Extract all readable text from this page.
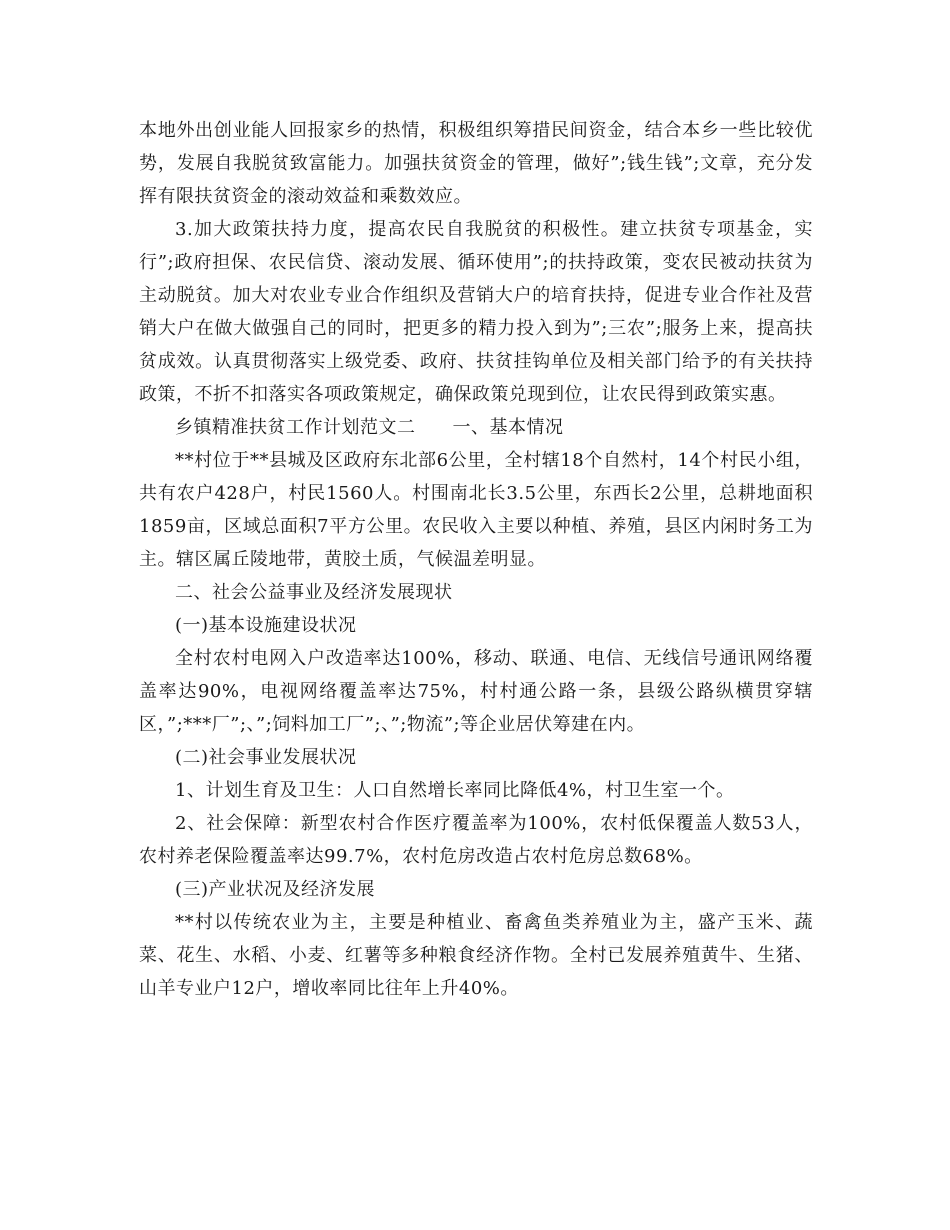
本地外出创业能人回报家乡的热情，积极组织筹措民间资金，结合本乡一些比较优势，发展自我脱贫致富能力。加强扶贫资金的管理，做好”;钱生钱”;文章，充分发挥有限扶贫资金的滚动效益和乘数效应。

3.加大政策扶持力度，提高农民自我脱贫的积极性。建立扶贫专项基金，实行”;政府担保、农民信贷、滚动发展、循环使用”;的扶持政策，变农民被动扶贫为主动脱贫。加大对农业专业合作组织及营销大户的培育扶持，促进专业合作社及营销大户在做大做强自己的同时，把更多的精力投入到为”;三农”;服务上来，提高扶贫成效。认真贯彻落实上级党委、政府、扶贫挂钩单位及相关部门给予的有关扶持政策，不折不扣落实各项政策规定，确保政策兑现到位，让农民得到政策实惠。

乡镇精准扶贫工作计划范文二　　一、基本情况

**村位于**县城及区政府东北部6公里，全村辖18个自然村，14个村民小组，共有农户428户，村民1560人。村围南北长3.5公里，东西长2公里，总耕地面积1859亩，区域总面积7平方公里。农民收入主要以种植、养殖，县区内闲时务工为主。辖区属丘陵地带，黄胶土质，气候温差明显。

二、社会公益事业及经济发展现状

(一)基本设施建设状况

全村农村电网入户改造率达100%，移动、联通、电信、无线信号通讯网络覆盖率达90%，电视网络覆盖率达75%，村村通公路一条，县级公路纵横贯穿辖区，”;***厂”;、”;饲料加工厂”;、”;物流”;等企业居伏筹建在内。

(二)社会事业发展状况

1、计划生育及卫生：人口自然增长率同比降低4%，村卫生室一个。

2、社会保障：新型农村合作医疗覆盖率为100%，农村低保覆盖人数53人，农村养老保险覆盖率达99.7%，农村危房改造占农村危房总数68%。

(三)产业状况及经济发展

**村以传统农业为主，主要是种植业、畜禽鱼类养殖业为主，盛产玉米、蔬菜、花生、水稻、小麦、红薯等多种粮食经济作物。全村已发展养殖黄牛、生猪、山羊专业户12户，增收率同比往年上升40%。
